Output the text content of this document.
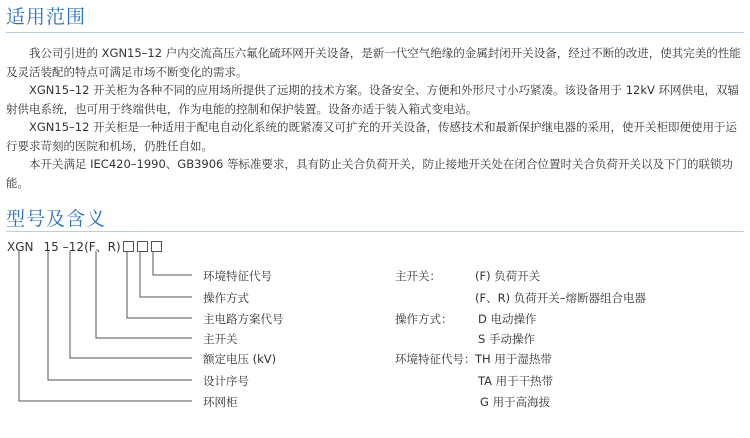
适用范围

　　我公司引进的 XGN15–12 户内交流高压六氟化硫环网开关设备，是新一代空气绝缘的金属封闭开关设备，经过不断的改进，使其完美的性能及灵活装配的特点可满足市场不断变化的需求。

　　XGN15–12 开关柜为各种不同的应用场所提供了远期的技术方案。设备安全、方便和外形尺寸小巧紧凑。该设备用于 12kV 环网供电，双辐射供电系统，也可用于终端供电，作为电能的控制和保护装置。设备亦适于装入箱式变电站。

　　XGN15–12 开关柜是一种适用于配电自动化系统的既紧凑又可扩充的开关设备，传感技术和最新保护继电器的采用，使开关柜即便使用于运行要求苛刻的医院和机场，仍胜任自如。

　　本开关满足 IEC420–1990、GB3906 等标准要求，具有防止关合负荷开关，防止接地开关处在闭合位置时关合负荷开关以及下门的联锁功能。

型号及含义
XGN 15 –12(F、R)
环境特征代号
操作方式
主电路方案代号
主开关
额定电压 (kV)
设计序号
环网柜
主开关：	(F) 负荷开关
(F、R) 负荷开关–熔断器组合电器
操作方式： D 电动操作
S 手动操作
环境特征代号： TH 用于湿热带
TA 用于干热带
G 用于高海拔
